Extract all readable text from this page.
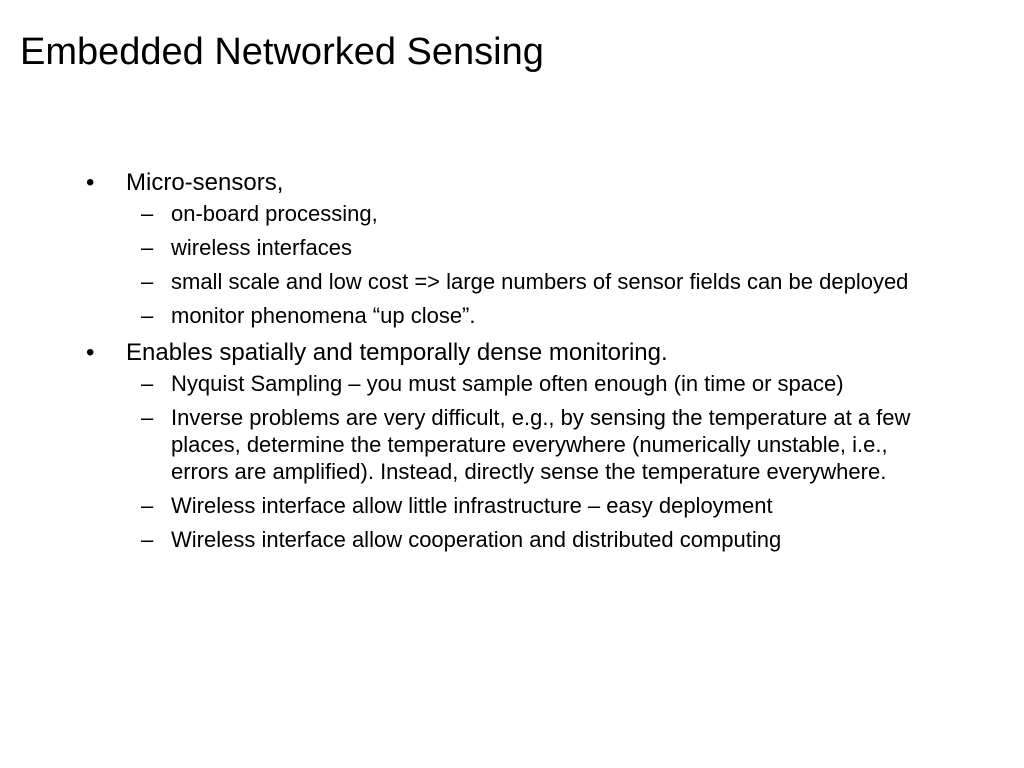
Embedded Networked Sensing
•	Micro-sensors,
– on-board processing,
– wireless interfaces
– small scale and low cost => large numbers of sensor fields can be deployed
– monitor phenomena “up close”.
•	Enables spatially and temporally dense monitoring.
– Nyquist Sampling – you must sample often enough (in time or space)
– Inverse problems are very difficult, e.g., by sensing the temperature at a few places, determine the temperature everywhere (numerically unstable, i.e., errors are amplified). Instead, directly sense the temperature everywhere.
– Wireless interface allow little infrastructure – easy deployment
– Wireless interface allow cooperation and distributed computing
